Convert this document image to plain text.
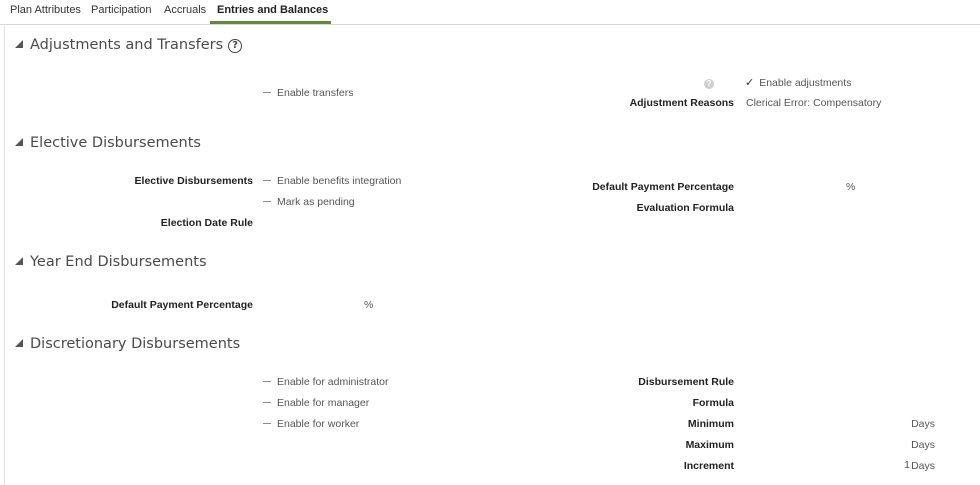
Plan Attributes Participation Accruals Entries and Balances
Adjustments and Transfers ?
Enable transfers
?	✓ Enable adjustments
Adjustment Reasons Clerical Error: Compensatory
Elective Disbursements
Elective Disbursements	Enable benefits integration
Mark as pending
Election Date Rule
Default Payment Percentage	%
Evaluation Formula
Year End Disbursements
Default Payment Percentage	%
Discretionary Disbursements
Enable for administrator
Enable for manager
Enable for worker
Disbursement Rule
Formula
Minimum	Days
Maximum	Days
Increment	1 Days
